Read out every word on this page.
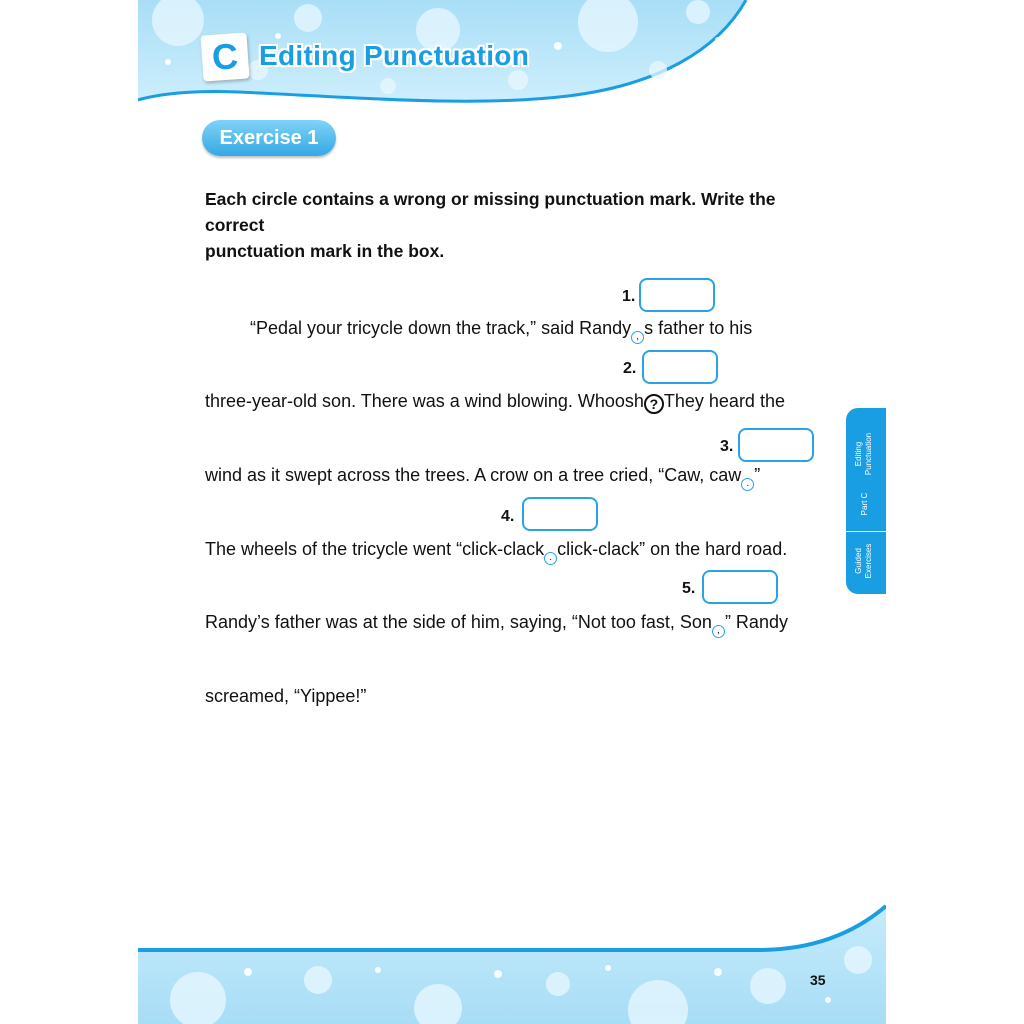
C Editing Punctuation
Exercise 1
Each circle contains a wrong or missing punctuation mark. Write the correct
punctuation mark in the box.
1.
2.
3.
4.
5.
“Pedal your tricycle down the track,” said Randy , s father to his
three-year-old son. There was a wind blowing. Whoosh ? They heard the
wind as it swept across the trees. A crow on a tree cried, “Caw, caw . ”
The wheels of the tricycle went “click-clack . click-clack” on the hard road.
Randy’s father was at the side of him, saying, “Not too fast, Son , ” Randy
screamed, “Yippee!”
35
Editing Punctuation
Part C
Guided Exercises
